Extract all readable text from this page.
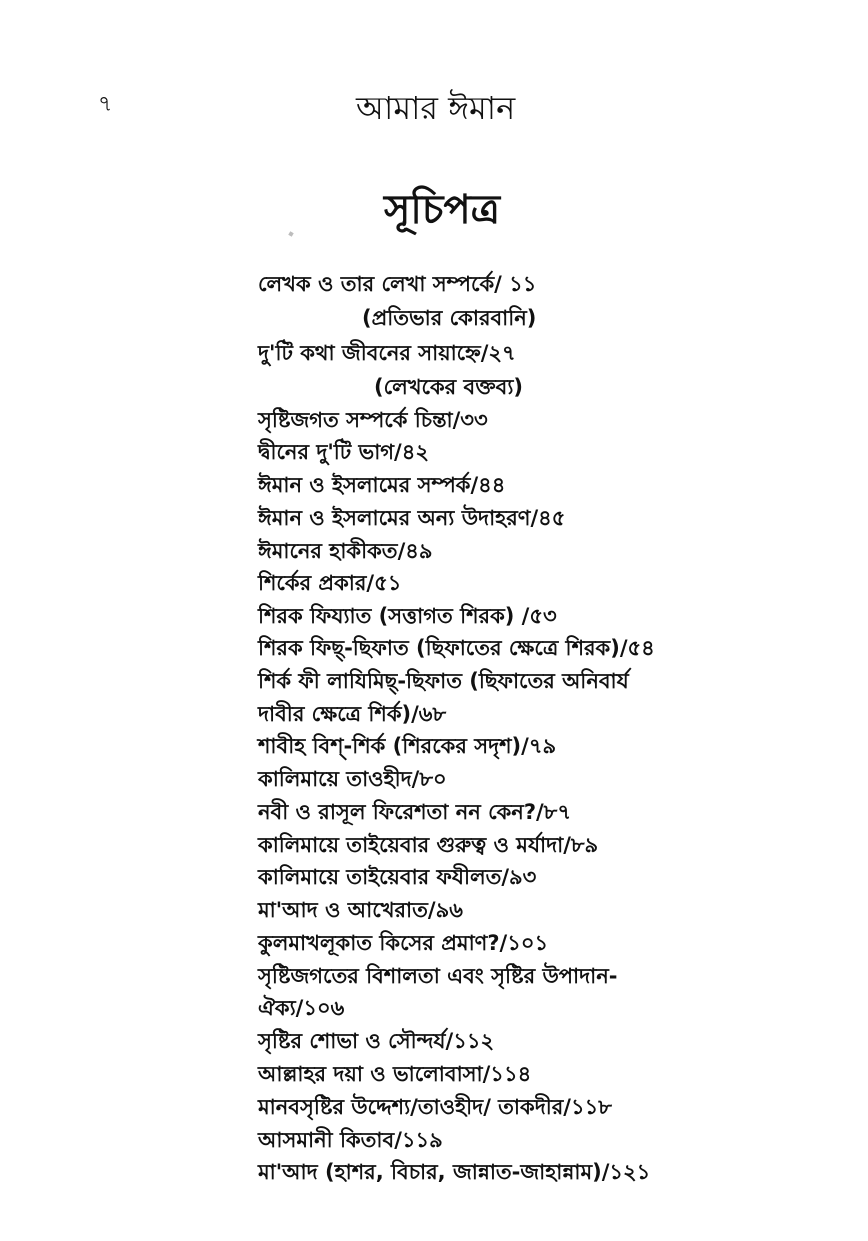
৭	আমার ঈমান
সূচিপত্র
লেখক ও তার লেখা সম্পর্কে/ ১১
(প্রতিভার কোরবানি)
দু'টি কথা জীবনের সায়াহ্নে/২৭
(লেখকের বক্তব্য)
সৃষ্টিজগত সম্পর্কে চিন্তা/৩৩
দ্বীনের দু'টি ভাগ/৪২
ঈমান ও ইসলামের সম্পর্ক/৪৪
ঈমান ও ইসলামের অন্য উদাহরণ/৪৫
ঈমানের হাকীকত/৪৯
শির্কের প্রকার/৫১
শিরক ফিয্যাত (সত্তাগত শিরক) /৫৩
শিরক ফিছ্-ছিফাত (ছিফাতের ক্ষেত্রে শিরক)/৫৪
শির্ক ফী লাযিমিছ্-ছিফাত (ছিফাতের অনিবার্য
দাবীর ক্ষেত্রে শির্ক)/৬৮
শাবীহ বিশ্-শির্ক (শিরকের সদৃশ)/৭৯
কালিমায়ে তাওহীদ/৮০
নবী ও রাসূল ফিরেশতা নন কেন?/৮৭
কালিমায়ে তাইয়েবার গুরুত্ব ও মর্যাদা/৮৯
কালিমায়ে তাইয়েবার ফযীলত/৯৩
মা'আদ ও আখেরাত/৯৬
কুলমাখলূকাত কিসের প্রমাণ?/১০১
সৃষ্টিজগতের বিশালতা এবং সৃষ্টির উপাদান-
ঐক্য/১০৬
সৃষ্টির শোভা ও সৌন্দর্য/১১২
আল্লাহর দয়া ও ভালোবাসা/১১৪
মানবসৃষ্টির উদ্দেশ্য/তাওহীদ/ তাকদীর/১১৮
আসমানী কিতাব/১১৯
মা'আদ (হাশর, বিচার, জান্নাত-জাহান্নাম)/১২১
